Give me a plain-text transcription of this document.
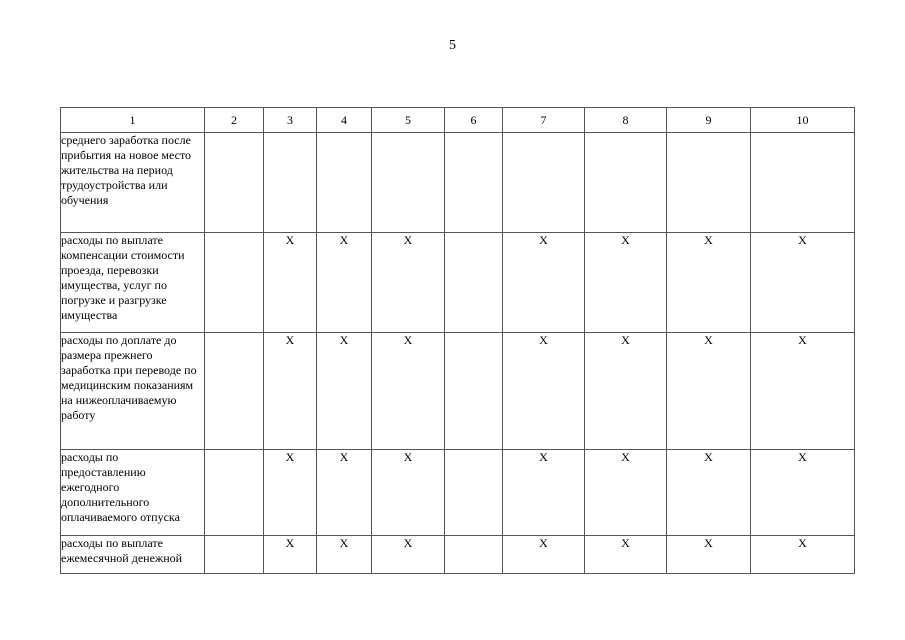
5
1	2	3	4	5	6	7	8	9	10
среднего заработка после прибытия на новое место жительства на период трудоустройства или обучения									
расходы по выплате компенсации стоимости проезда, перевозки имущества, услуг по погрузке и разгрузке имущества		X	X	X		X	X	X	X
расходы по доплате до размера прежнего заработка при переводе по медицинским показаниям на нижеоплачиваемую работу		X	X	X		X	X	X	X
расходы по предоставлению ежегодного дополнительного оплачиваемого отпуска		X	X	X		X	X	X	X
расходы по выплате ежемесячной денежной		X	X	X		X	X	X	X
